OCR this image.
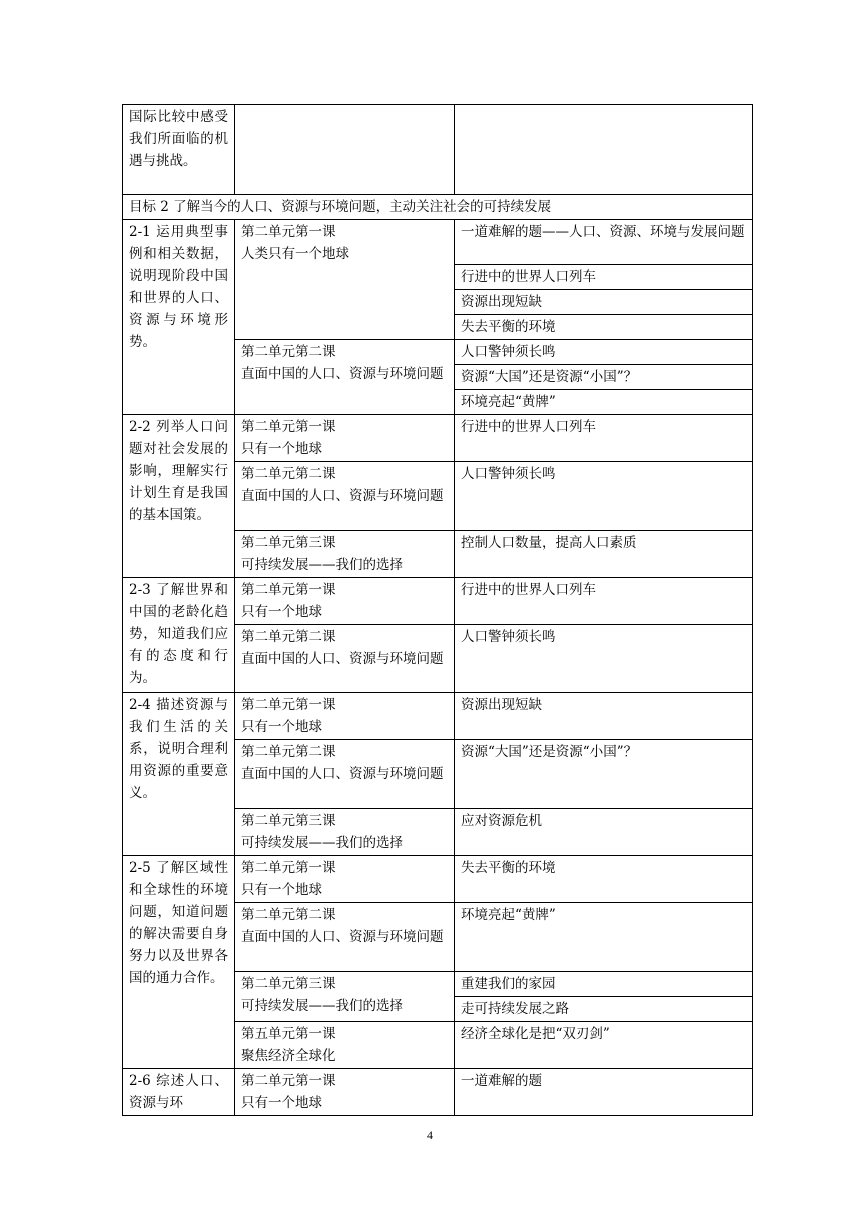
国际比较中感受我们所面临的机遇与挑战。		
目标 2 了解当今的人口、资源与环境问题，主动关注社会的可持续发展		
2-1 运用典型事例和相关数据，说明现阶段中国和世界的人口、资源与环境形势。	第二单元第一课
人类只有一个地球	一道难解的题——人口、资源、环境与发展问题
		行进中的世界人口列车
		资源出现短缺
		失去平衡的环境

	第二单元第二课
直面中国的人口、资源与环境问题	人口警钟须长鸣
		资源“大国”还是资源“小国”？
		环境亮起“黄牌”
2-2 列举人口问题对社会发展的影响，理解实行计划生育是我国的基本国策。	第二单元第一课
只有一个地球	行进中的世界人口列车

	第二单元第二课
直面中国的人口、资源与环境问题	人口警钟须长鸣

	第二单元第三课
可持续发展——我们的选择	控制人口数量，提高人口素质
2-3 了解世界和中国的老龄化趋势，知道我们应有的态度和行为。	第二单元第一课
只有一个地球	行进中的世界人口列车

	第二单元第二课
直面中国的人口、资源与环境问题	人口警钟须长鸣
2-4 描述资源与我们生活的关系，说明合理利用资源的重要意义。	第二单元第一课
只有一个地球	资源出现短缺

	第二单元第二课
直面中国的人口、资源与环境问题	资源“大国”还是资源“小国”？

	第二单元第三课
可持续发展——我们的选择	应对资源危机
2-5 了解区域性和全球性的环境问题，知道问题的解决需要自身努力以及世界各国的通力合作。	第二单元第一课
只有一个地球	失去平衡的环境

	第二单元第二课
直面中国的人口、资源与环境问题	环境亮起“黄牌”

	第二单元第三课
可持续发展——我们的选择	重建我们的家园
		走可持续发展之路

	第五单元第一课
聚焦经济全球化	经济全球化是把“双刃剑”
2-6 综述人口、资源与环	第二单元第一课
只有一个地球	一道难解的题
4
